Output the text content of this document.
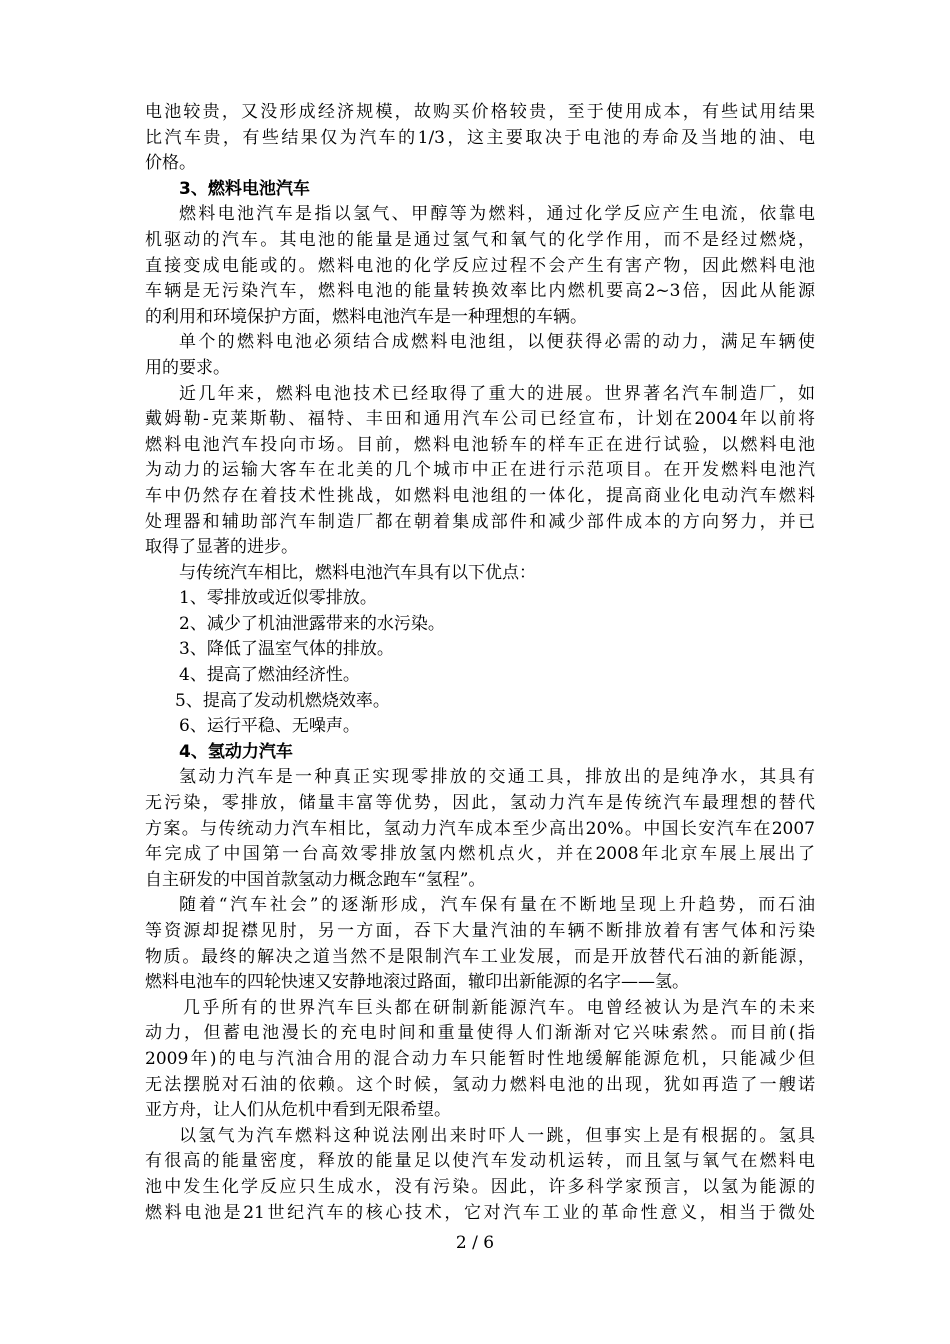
电池较贵，又没形成经济规模，故购买价格较贵，至于使用成本，有些试用结果
比汽车贵，有些结果仅为汽车的1/3，这主要取决于电池的寿命及当地的油、电
价格。
3、燃料电池汽车
燃料电池汽车是指以氢气、甲醇等为燃料，通过化学反应产生电流，依靠电
机驱动的汽车。其电池的能量是通过氢气和氧气的化学作用，而不是经过燃烧，
直接变成电能或的。燃料电池的化学反应过程不会产生有害产物，因此燃料电池
车辆是无污染汽车，燃料电池的能量转换效率比内燃机要高2~3倍，因此从能源
的利用和环境保护方面，燃料电池汽车是一种理想的车辆。
单个的燃料电池必须结合成燃料电池组，以便获得必需的动力，满足车辆使
用的要求。
近几年来，燃料电池技术已经取得了重大的进展。世界著名汽车制造厂，如
戴姆勒-克莱斯勒、福特、丰田和通用汽车公司已经宣布，计划在2004年以前将
燃料电池汽车投向市场。目前，燃料电池轿车的样车正在进行试验，以燃料电池
为动力的运输大客车在北美的几个城市中正在进行示范项目。在开发燃料电池汽
车中仍然存在着技术性挑战，如燃料电池组的一体化，提高商业化电动汽车燃料
处理器和辅助部汽车制造厂都在朝着集成部件和减少部件成本的方向努力，并已
取得了显著的进步。
与传统汽车相比，燃料电池汽车具有以下优点：
1、零排放或近似零排放。
2、减少了机油泄露带来的水污染。
3、降低了温室气体的排放。
4、提高了燃油经济性。
5、提高了发动机燃烧效率。
6、运行平稳、无噪声。
4、氢动力汽车
氢动力汽车是一种真正实现零排放的交通工具，排放出的是纯净水，其具有
无污染，零排放，储量丰富等优势，因此，氢动力汽车是传统汽车最理想的替代
方案。与传统动力汽车相比，氢动力汽车成本至少高出20%。中国长安汽车在2007
年完成了中国第一台高效零排放氢内燃机点火，并在2008年北京车展上展出了
自主研发的中国首款氢动力概念跑车“氢程”。
随着“汽车社会”的逐渐形成，汽车保有量在不断地呈现上升趋势，而石油
等资源却捉襟见肘，另一方面，吞下大量汽油的车辆不断排放着有害气体和污染
物质。最终的解决之道当然不是限制汽车工业发展，而是开放替代石油的新能源，
燃料电池车的四轮快速又安静地滚过路面，辙印出新能源的名字——氢。
几乎所有的世界汽车巨头都在研制新能源汽车。电曾经被认为是汽车的未来
动力，但蓄电池漫长的充电时间和重量使得人们渐渐对它兴味索然。而目前(指
2009年)的电与汽油合用的混合动力车只能暂时性地缓解能源危机，只能减少但
无法摆脱对石油的依赖。这个时候，氢动力燃料电池的出现，犹如再造了一艘诺
亚方舟，让人们从危机中看到无限希望。
以氢气为汽车燃料这种说法刚出来时吓人一跳，但事实上是有根据的。氢具
有很高的能量密度，释放的能量足以使汽车发动机运转，而且氢与氧气在燃料电
池中发生化学反应只生成水，没有污染。因此，许多科学家预言，以氢为能源的
燃料电池是21世纪汽车的核心技术，它对汽车工业的革命性意义，相当于微处
2 / 6
